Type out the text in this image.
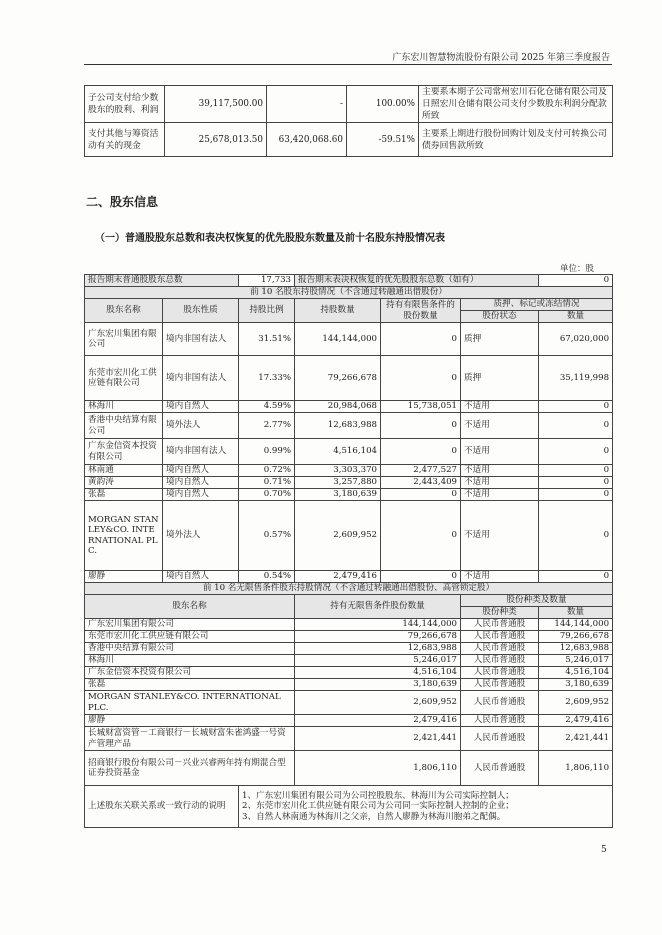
广东宏川智慧物流股份有限公司 2025 年第三季度报告
子公司支付给少数股东的股利、利润	39,117,500.00	-	100.00%	主要系本期子公司常州宏川石化仓储有限公司及日照宏川仓储有限公司支付少数股东利润分配款所致
支付其他与筹资活动有关的现金	25,678,013.50	63,420,068.60	-59.51%	主要系上期进行股份回购计划及支付可转换公司债券回售款所致
二、股东信息
（一）普通股股东总数和表决权恢复的优先股股东数量及前十名股东持股情况表
单位：股
报告期末普通股股东总数		17,733	报告期末表决权恢复的优先股股东总数（如有）			0
前 10 名股东持股情况（不含通过转融通出借股份）						
股东名称	股东性质	持股比例	持股数量	持有有限售条件的股份数量	质押、标记或冻结情况	
					股份状态	数量
广东宏川集团有限公司	境内非国有法人	31.51%	144,144,000	0	质押	67,020,000
东莞市宏川化工供应链有限公司	境内非国有法人	17.33%	79,266,678	0	质押	35,119,998
林海川	境内自然人	4.59%	20,984,068	15,738,051	不适用	0
香港中央结算有限公司	境外法人	2.77%	12,683,988	0	不适用	0
广东金信资本投资有限公司	境内非国有法人	0.99%	4,516,104	0	不适用	0
林南通	境内自然人	0.72%	3,303,370	2,477,527	不适用	0
黄韵涛	境内自然人	0.71%	3,257,880	2,443,409	不适用	0
张磊	境内自然人	0.70%	3,180,639	0	不适用	0
MORGAN STANLEY&CO. INTERNATIONAL PLC.	境外法人	0.57%	2,609,952	0	不适用	0
廖静	境内自然人	0.54%	2,479,416	0	不适用	0
前 10 名无限售条件股东持股情况（不含通过转融通出借股份、高管锁定股）						
股东名称			持有无限售条件股份数量		股份种类及数量	
					股份种类	数量
广东宏川集团有限公司			144,144,000		人民币普通股	144,144,000
东莞市宏川化工供应链有限公司			79,266,678		人民币普通股	79,266,678
香港中央结算有限公司			12,683,988		人民币普通股	12,683,988
林海川			5,246,017		人民币普通股	5,246,017
广东金信资本投资有限公司			4,516,104		人民币普通股	4,516,104
张磊			3,180,639		人民币普通股	3,180,639
MORGAN STANLEY&CO. INTERNATIONAL PLC.			2,609,952		人民币普通股	2,609,952
廖静			2,479,416		人民币普通股	2,479,416
长城财富资管－工商银行－长城财富朱雀鸿盛一号资产管理产品			2,421,441		人民币普通股	2,421,441
招商银行股份有限公司－兴业兴睿两年持有期混合型证券投资基金			1,806,110		人民币普通股	1,806,110
上述股东关联关系或一致行动的说明		1、广东宏川集团有限公司为公司控股股东、林海川为公司实际控制人；
2、东莞市宏川化工供应链有限公司为公司同一实际控制人控制的企业；
3、自然人林南通为林海川之父亲，自然人廖静为林海川胞弟之配偶。				
5
